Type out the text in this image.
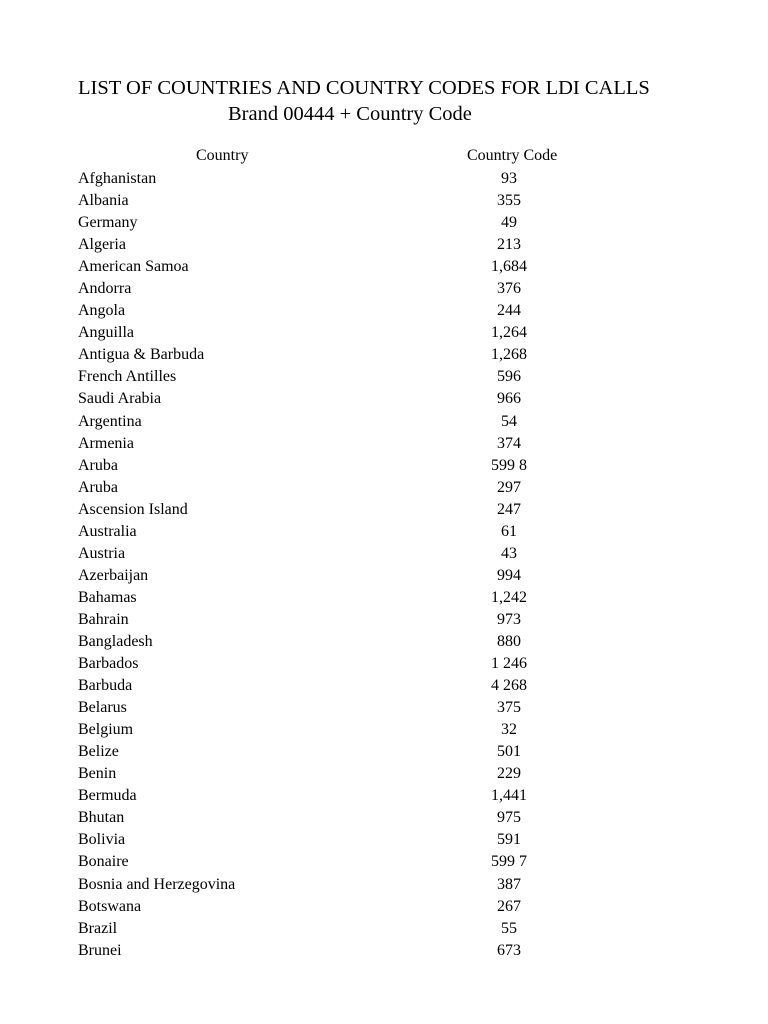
LIST OF COUNTRIES AND COUNTRY CODES FOR LDI CALLS
Brand 00444 + Country Code
Country	Country Code
Afghanistan	93
Albania	355
Germany	49
Algeria	213
American Samoa	1,684
Andorra	376
Angola	244
Anguilla	1,264
Antigua & Barbuda	1,268
French Antilles	596
Saudi Arabia	966
Argentina	54
Armenia	374
Aruba	599 8
Aruba	297
Ascension Island	247
Australia	61
Austria	43
Azerbaijan	994
Bahamas	1,242
Bahrain	973
Bangladesh	880
Barbados	1 246
Barbuda	4 268
Belarus	375
Belgium	32
Belize	501
Benin	229
Bermuda	1,441
Bhutan	975
Bolivia	591
Bonaire	599 7
Bosnia and Herzegovina	387
Botswana	267
Brazil	55
Brunei	673
